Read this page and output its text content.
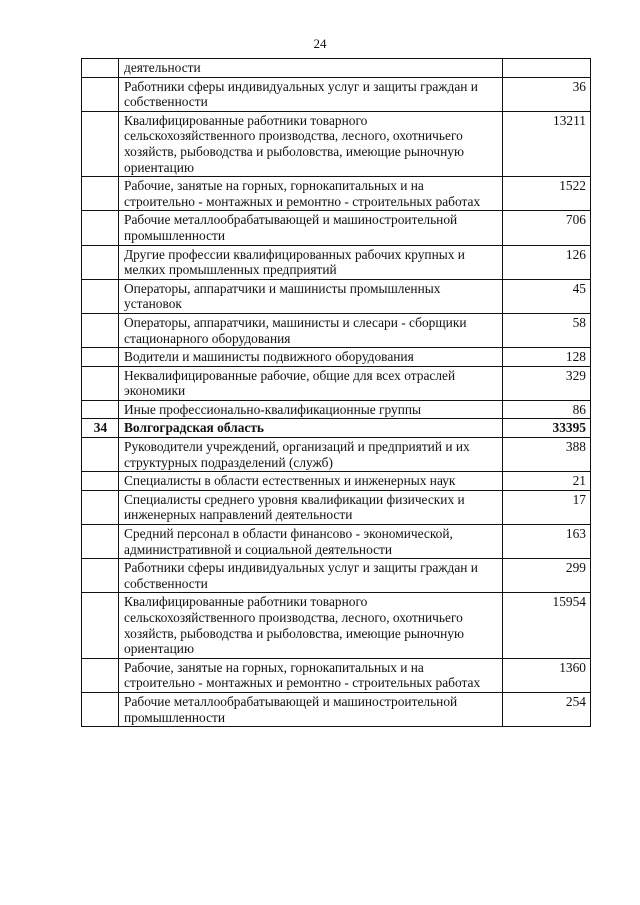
24
	деятельности	
	Работники сферы индивидуальных услуг и защиты граждан и собственности	36
	Квалифицированные работники товарного сельскохозяйственного производства, лесного, охотничьего хозяйств, рыбоводства и рыболовства, имеющие рыночную ориентацию	13211
	Рабочие, занятые на горных, горнокапитальных и на строительно - монтажных и ремонтно - строительных работах	1522
	Рабочие металлообрабатывающей и машиностроительной промышленности	706
	Другие профессии квалифицированных рабочих крупных и мелких промышленных предприятий	126
	Операторы, аппаратчики и машинисты промышленных установок	45
	Операторы, аппаратчики, машинисты и слесари - сборщики стационарного оборудования	58
	Водители и машинисты подвижного оборудования	128
	Неквалифицированные рабочие, общие для всех отраслей экономики	329
	Иные профессионально-квалификационные группы	86
34	Волгоградская область	33395
	Руководители учреждений, организаций и предприятий и их структурных подразделений (служб)	388
	Специалисты в области естественных и инженерных наук	21
	Специалисты среднего уровня квалификации физических и инженерных направлений деятельности	17
	Средний персонал в области финансово - экономической, административной и социальной деятельности	163
	Работники сферы индивидуальных услуг и защиты граждан и собственности	299
	Квалифицированные работники товарного сельскохозяйственного производства, лесного, охотничьего хозяйств, рыбоводства и рыболовства, имеющие рыночную ориентацию	15954
	Рабочие, занятые на горных, горнокапитальных и на строительно - монтажных и ремонтно - строительных работах	1360
	Рабочие металлообрабатывающей и машиностроительной промышленности	254
